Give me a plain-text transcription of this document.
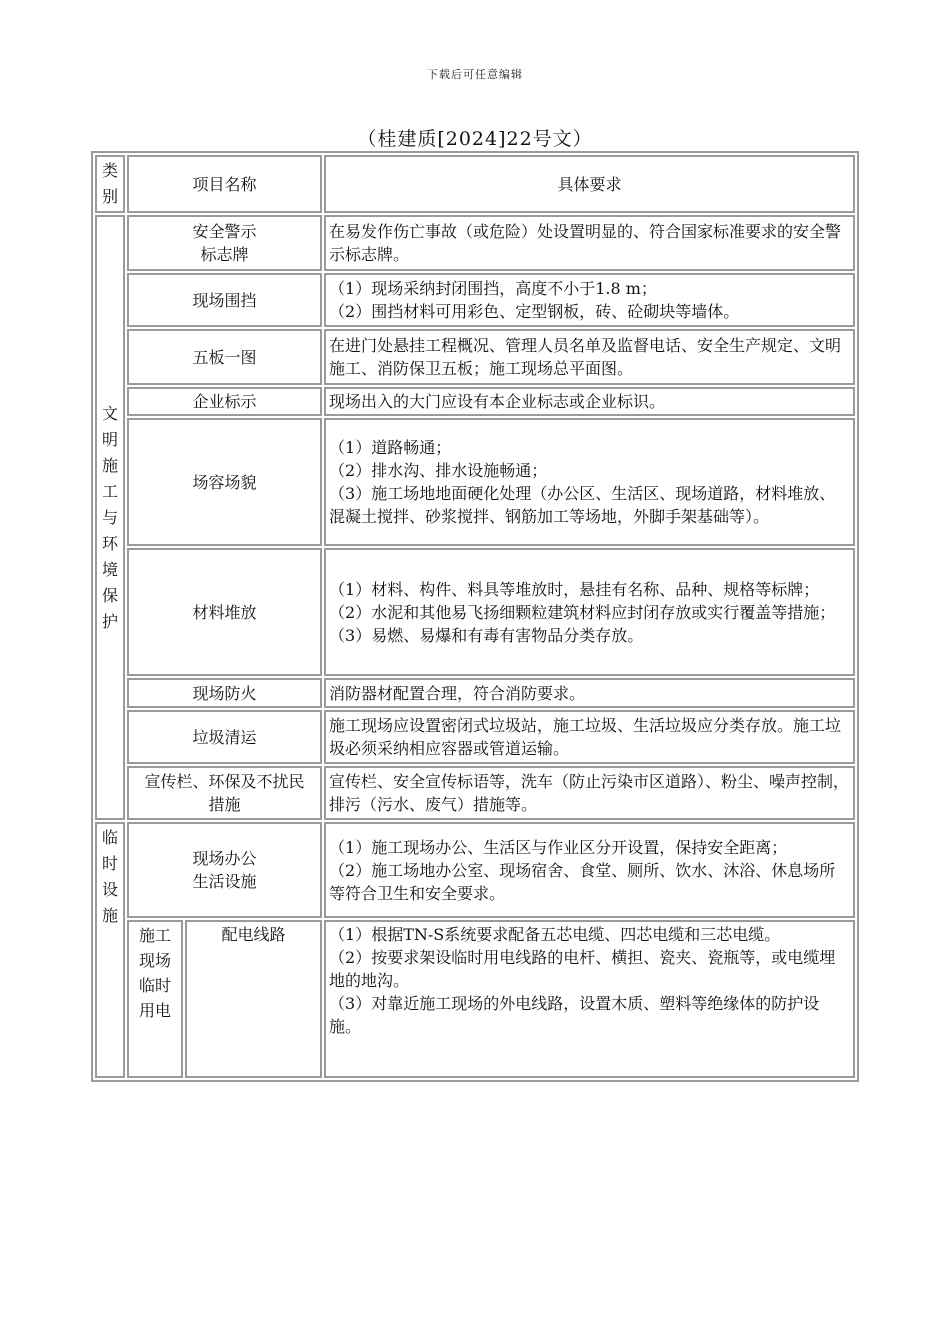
下载后可任意编辑
（桂建质[2024]22号文）
类别	项目名称		具体要求

文明施工与环境保护	安全警示
标志牌		在易发作伤亡事故（或危险）处设置明显的、符合国家标准要求的安全警示标志牌。

	现场围挡		（1）现场采纳封闭围挡，高度不小于1.8 m；
（2）围挡材料可用彩色、定型钢板，砖、砼砌块等墙体。

	五板一图		在进门处悬挂工程概况、管理人员名单及监督电话、安全生产规定、文明施工、消防保卫五板；施工现场总平面图。

	企业标示		现场出入的大门应设有本企业标志或企业标识。

	场容场貌		（1）道路畅通；
（2）排水沟、排水设施畅通；
（3）施工场地地面硬化处理（办公区、生活区、现场道路，材料堆放、混凝土搅拌、砂浆搅拌、钢筋加工等场地，外脚手架基础等）。

	材料堆放		（1）材料、构件、料具等堆放时，悬挂有名称、品种、规格等标牌；
（2）水泥和其他易飞扬细颗粒建筑材料应封闭存放或实行覆盖等措施；
（3）易燃、易爆和有毒有害物品分类存放。

	现场防火		消防器材配置合理，符合消防要求。

	垃圾清运		施工现场应设置密闭式垃圾站，施工垃圾、生活垃圾应分类存放。施工垃圾必须采纳相应容器或管道运输。

	宣传栏、环保及不扰民
措施		宣传栏、安全宣传标语等，洗车（防止污染市区道路）、粉尘、噪声控制，排污（污水、废气）措施等。

临时设施	现场办公
生活设施		（1）施工现场办公、生活区与作业区分开设置，保持安全距离；
（2）施工场地办公室、现场宿舍、食堂、厕所、饮水、沐浴、休息场所等符合卫生和安全要求。

	施工现场临时用电	配电线路	（1）根据TN-S系统要求配备五芯电缆、四芯电缆和三芯电缆。
（2）按要求架设临时用电线路的电杆、横担、瓷夹、瓷瓶等，或电缆埋地的地沟。
（3）对靠近施工现场的外电线路，设置木质、塑料等绝缘体的防护设施。
